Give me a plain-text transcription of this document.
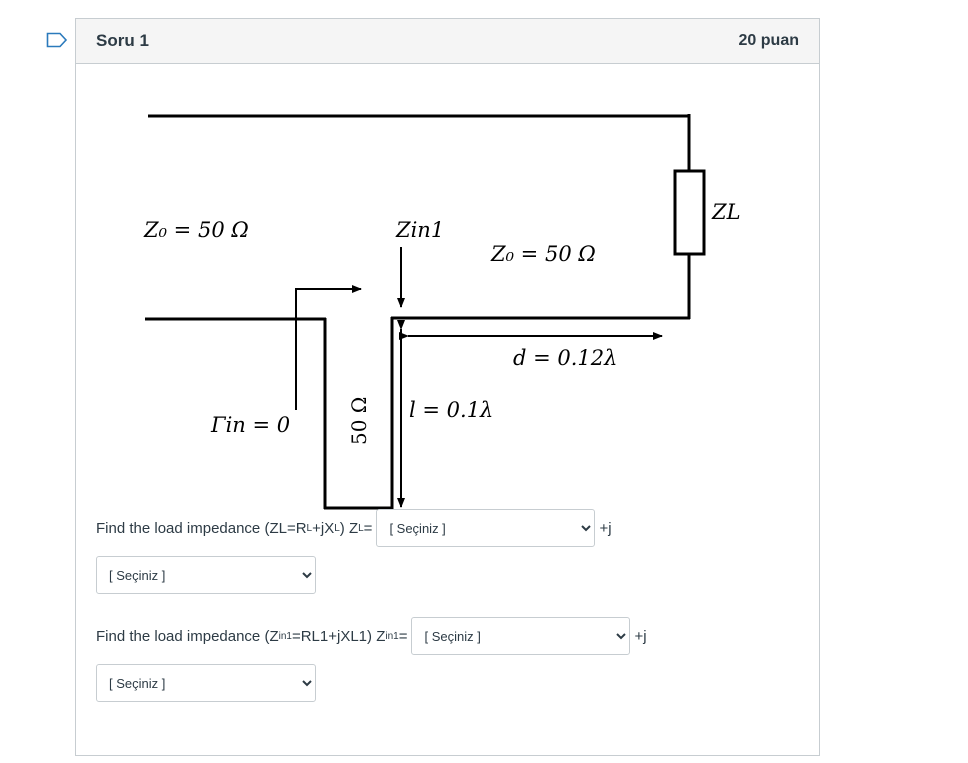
Soru 1	20 puan
Z₀ = 50 Ω	Zin1
Z₀ = 50 Ω
ZL
d = 0.12λ
l = 0.1λ
Γin = 0	50 Ω
Find the load impedance (ZL=R L +jX L ) Z L =
[ Seçiniz ]	+j
[ Seçiniz ]
Find the load impedance (Z in1 =RL1+jXL1) Z in1 =
[ Seçiniz ]	+j
[ Seçiniz ]
